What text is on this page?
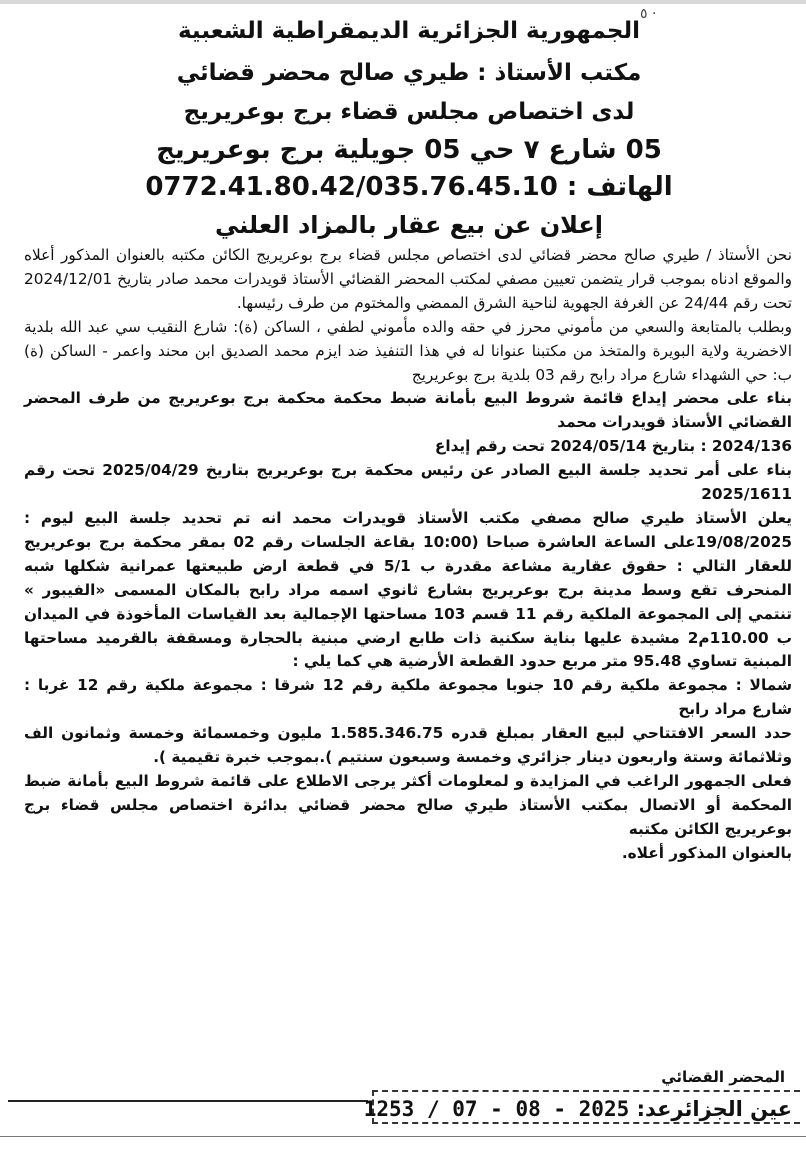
٥ ·
الجمهورية الجزائرية الديمقراطية الشعبية
مكتب الأستاذ : طيري صالح محضر قضائي
لدى اختصاص مجلس قضاء برج بوعريريج
05 شارع ٧ حي 05 جويلية برج بوعريريج
الهاتف : 0772.41.80.42/035.76.45.10
إعلان عن بيع عقار بالمزاد العلني

نحن الأستاذ / طيري صالح محضر قضائي لدى اختصاص مجلس قضاء برج بوعريريج الكائن مكتبه بالعنوان المذكور أعلاه والموقع ادناه بموجب قرار يتضمن تعيين مصفي لمكتب المحضر القضائي الأستاذ قويدرات محمد صادر بتاريخ 2024/12/01 تحت رقم 24/44 عن الغرفة الجهوية لناحية الشرق الممضي والمختوم من طرف رئيسها.

وبطلب بالمتابعة والسعي من مأموني محرز في حقه والده مأموني لطفي ، الساكن (ة): شارع النقيب سي عبد الله بلدية الاخضرية ولاية البويرة والمتخذ من مكتبنا عنوانا له في هذا التنفيذ ضد ايزم محمد الصديق ابن محند واعمر - الساكن (ة) ب: حي الشهداء شارع مراد رابح رقم 03 بلدية برج بوعريريج

بناء على محضر إيداع قائمة شروط البيع بأمانة ضبط محكمة محكمة برج بوعريريج من طرف المحضر القضائي الأستاذ قويدرات محمد

2024/136 : بتاريخ 2024/05/14 تحت رقم إيداع

بناء على أمر تحديد جلسة البيع الصادر عن رئيس محكمة برج بوعريريج بتاريخ 2025/04/29 تحت رقم 2025/1611

يعلن الأستاذ طيري صالح مصفي مكتب الأستاذ قويدرات محمد انه تم تحديد جلسة البيع ليوم : 19/08/2025على الساعة العاشرة صباحا (10:00 بقاعة الجلسات رقم 02 بمقر محكمة برج بوعريريج للعقار التالي : حقوق عقارية مشاعة مقدرة ب 5/1 في قطعة ارض طبيعتها عمرانية شكلها شبه المنحرف تقع وسط مدينة برج بوعريريج بشارع ثانوي اسمه مراد رابح بالمكان المسمى «الفيبور » تنتمي إلى المجموعة الملكية رقم 11 قسم 103 مساحتها الإجمالية بعد القياسات المأخوذة في الميدان ب 110.00م2 مشيدة عليها بناية سكنية ذات طابع ارضي مبنية بالحجارة ومسقفة بالقرميد مساحتها المبنية تساوي 95.48 متر مربع حدود القطعة الأرضية هي كما يلي :

شمالا : مجموعة ملكية رقم 10 جنوبا مجموعة ملكية رقم 12 شرقا : مجموعة ملكية رقم 12 غربا : شارع مراد رابح

حدد السعر الافتتاحي لبيع العقار بمبلغ قدره 1.585.346.75 مليون وخمسمائة وخمسة وثمانون الف وثلاثمائة وستة واربعون دينار جزائري وخمسة وسبعون سنتيم ).بموجب خبرة تقيمية ).

فعلى الجمهور الراغب في المزايدة و لمعلومات أكثر يرجى الاطلاع على قائمة شروط البيع بأمانة ضبط المحكمة أو الاتصال بمكتب الأستاذ طيري صالح محضر قضائي بدائرة اختصاص مجلس قضاء برج بوعريريج الكائن مكتبه

بالعنوان المذكور أعلاه.

المحضر القضائي
عين الجزائرعد: 1253 / 07 - 08 - 2025
